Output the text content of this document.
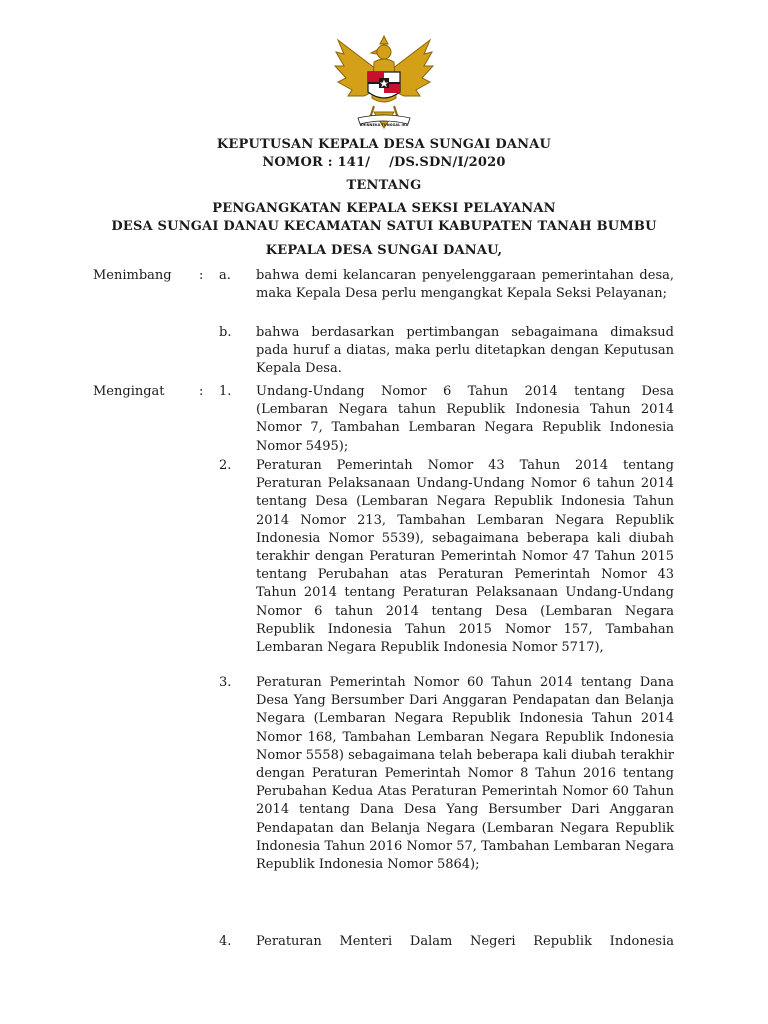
BHINNEKA TUNGGAL IKA
KEPUTUSAN KEPALA DESA SUNGAI DANAU
NOMOR : 141/    /DS.SDN/I/2020
TENTANG
PENGANGKATAN KEPALA SEKSI PELAYANAN
DESA SUNGAI DANAU KECAMATAN SATUI KABUPATEN TANAH BUMBU
KEPALA DESA SUNGAI DANAU,
Menimbang : a. bahwa demi kelancaran penyelenggaraan pemerintahan desa, maka Kepala Desa perlu mengangkat Kepala Seksi Pelayanan;
b. bahwa berdasarkan pertimbangan sebagaimana dimaksud pada huruf a diatas, maka perlu ditetapkan dengan Keputusan Kepala Desa.
Mengingat	: 1. Undang-Undang Nomor 6 Tahun 2014 tentang Desa (Lembaran Negara tahun Republik Indonesia Tahun 2014 Nomor 7, Tambahan Lembaran Negara Republik Indonesia Nomor 5495);
2. Peraturan Pemerintah Nomor 43 Tahun 2014 tentang Peraturan Pelaksanaan Undang-Undang Nomor 6 tahun 2014 tentang Desa (Lembaran Negara Republik Indonesia Tahun 2014 Nomor 213, Tambahan Lembaran Negara Republik Indonesia Nomor 5539), sebagaimana beberapa kali diubah terakhir dengan Peraturan Pemerintah Nomor 47 Tahun 2015 tentang Perubahan atas Peraturan Pemerintah Nomor 43 Tahun 2014 tentang Peraturan Pelaksanaan Undang-Undang Nomor 6 tahun 2014 tentang Desa (Lembaran Negara Republik Indonesia Tahun 2015 Nomor 157, Tambahan Lembaran Negara Republik Indonesia Nomor 5717),
3. Peraturan Pemerintah Nomor 60 Tahun 2014 tentang Dana Desa Yang Bersumber Dari Anggaran Pendapatan dan Belanja Negara (Lembaran Negara Republik Indonesia Tahun 2014 Nomor 168, Tambahan Lembaran Negara Republik Indonesia Nomor 5558) sebagaimana telah beberapa kali diubah terakhir dengan Peraturan Pemerintah Nomor 8 Tahun 2016 tentang Perubahan Kedua Atas Peraturan Pemerintah Nomor 60 Tahun 2014 tentang Dana Desa Yang Bersumber Dari Anggaran Pendapatan dan Belanja Negara (Lembaran Negara Republik Indonesia Tahun 2016 Nomor 57, Tambahan Lembaran Negara Republik Indonesia Nomor 5864);
4. Peraturan Menteri Dalam Negeri Republik Indonesia
